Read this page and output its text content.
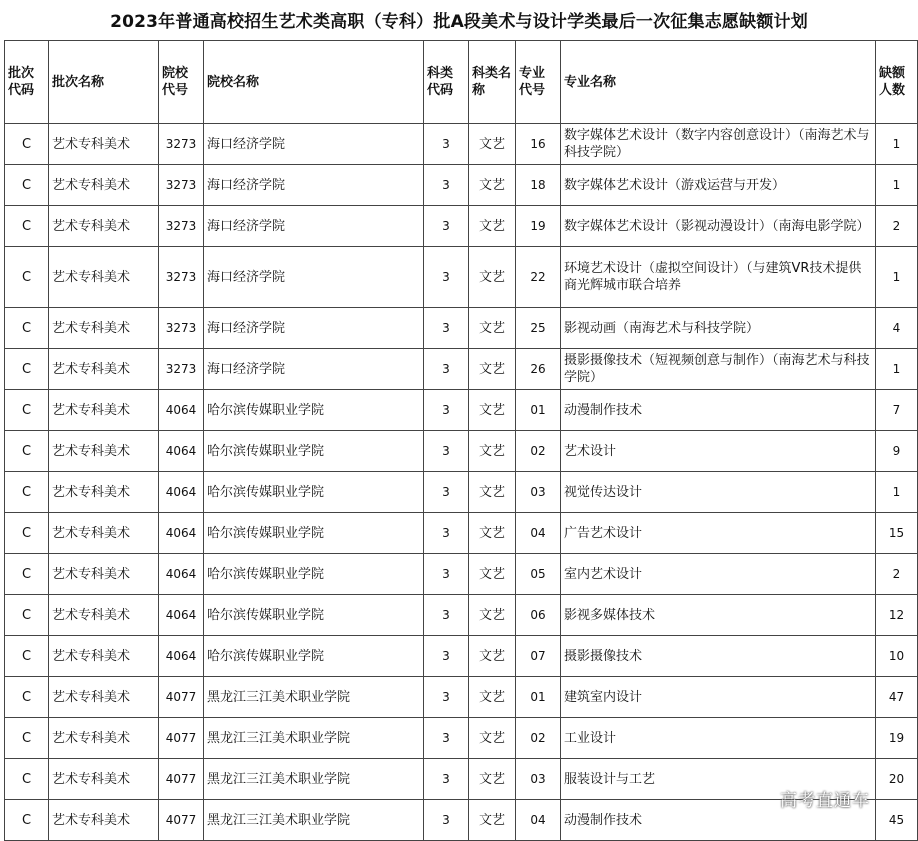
2023年普通高校招生艺术类高职（专科）批A段美术与设计学类最后一次征集志愿缺额计划
批次代码	批次名称	院校代号	院校名称	科类代码	科类名称	专业代号	专业名称	缺额人数
C	艺术专科美术	3273	海口经济学院	3	文艺	16	数字媒体艺术设计（数字内容创意设计）（南海艺术与科技学院）	1
C	艺术专科美术	3273	海口经济学院	3	文艺	18	数字媒体艺术设计（游戏运营与开发）	1
C	艺术专科美术	3273	海口经济学院	3	文艺	19	数字媒体艺术设计（影视动漫设计）（南海电影学院）	2
C	艺术专科美术	3273	海口经济学院	3	文艺	22	环境艺术设计（虚拟空间设计）（与建筑VR技术提供商光辉城市联合培养	1
C	艺术专科美术	3273	海口经济学院	3	文艺	25	影视动画（南海艺术与科技学院）	4
C	艺术专科美术	3273	海口经济学院	3	文艺	26	摄影摄像技术（短视频创意与制作）（南海艺术与科技学院）	1
C	艺术专科美术	4064	哈尔滨传媒职业学院	3	文艺	01	动漫制作技术	7
C	艺术专科美术	4064	哈尔滨传媒职业学院	3	文艺	02	艺术设计	9
C	艺术专科美术	4064	哈尔滨传媒职业学院	3	文艺	03	视觉传达设计	1
C	艺术专科美术	4064	哈尔滨传媒职业学院	3	文艺	04	广告艺术设计	15
C	艺术专科美术	4064	哈尔滨传媒职业学院	3	文艺	05	室内艺术设计	2
C	艺术专科美术	4064	哈尔滨传媒职业学院	3	文艺	06	影视多媒体技术	12
C	艺术专科美术	4064	哈尔滨传媒职业学院	3	文艺	07	摄影摄像技术	10
C	艺术专科美术	4077	黑龙江三江美术职业学院	3	文艺	01	建筑室内设计	47
C	艺术专科美术	4077	黑龙江三江美术职业学院	3	文艺	02	工业设计	19
C	艺术专科美术	4077	黑龙江三江美术职业学院	3	文艺	03	服装设计与工艺	20
C	艺术专科美术	4077	黑龙江三江美术职业学院	3	文艺	04	动漫制作技术	45
高考直通车
